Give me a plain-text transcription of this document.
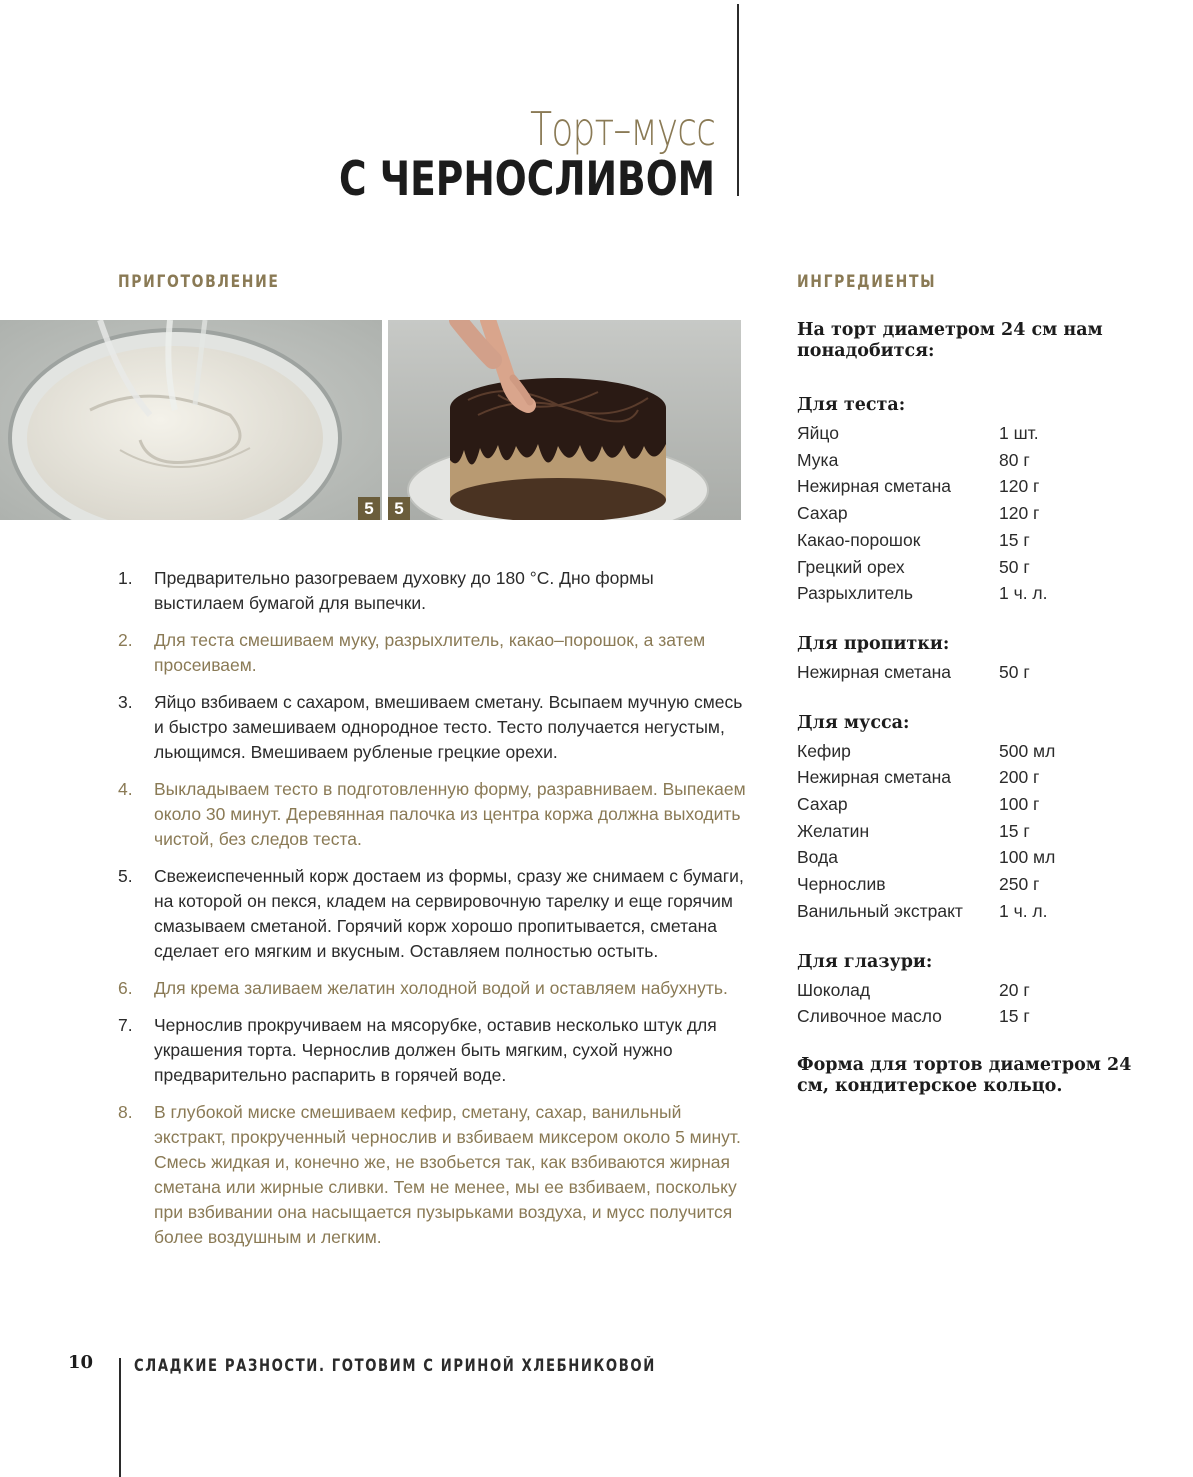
Торт–мусс
С ЧЕРНОСЛИВОМ
ПРИГОТОВЛЕНИЕ	ИНГРЕДИЕНТЫ
5	5
1.	Предварительно разогреваем духовку до 180 °С. Дно формы выстилаем бумагой для выпечки.
2.	Для теста смешиваем муку, разрыхлитель, какао–порошок, а затем просеиваем.
3.	Яйцо взбиваем с сахаром, вмешиваем сметану. Всыпаем мучную смесь и быстро замешиваем однородное тесто. Тесто получается негустым, льющимся. Вмешиваем рубленые грецкие орехи.
4.	Выкладываем тесто в подготовленную форму, разравниваем. Выпекаем около 30 минут. Деревянная палочка из центра коржа должна выходить чистой, без следов теста.
5.	Свежеиспеченный корж достаем из формы, сразу же снимаем с бумаги, на которой он пекся, кладем на сервировочную тарелку и еще горячим смазываем сметаной. Горячий корж хорошо пропитывается, сметана сделает его мягким и вкусным. Оставляем полностью остыть.
6.	Для крема заливаем желатин холодной водой и оставляем набухнуть.
7.	Чернослив прокручиваем на мясорубке, оставив несколько штук для украшения торта. Чернослив должен быть мягким, сухой нужно предварительно распарить в горячей воде.
8.	В глубокой миске смешиваем кефир, сметану, сахар, ванильный экстракт, прокрученный чернослив и взбиваем миксером около 5 минут. Смесь жидкая и, конечно же, не взобьется так, как взбиваются жирная сметана или жирные сливки. Тем не менее, мы ее взбиваем, поскольку при взбивании она насыщается пузырьками воздуха, и мусс получится более воздушным и легким.
На торт диаметром 24 см нам понадобится:
Для теста:
Яйцо	1 шт.
Мука	80 г
Нежирная сметана	120 г
Сахар	120 г
Какао-порошок	15 г
Грецкий орех	50 г
Разрыхлитель	1 ч. л.
Для пропитки:
Нежирная сметана	50 г
Для мусса:
Кефир	500 мл
Нежирная сметана	200 г
Сахар	100 г
Желатин	15 г
Вода	100 мл
Чернослив	250 г
Ванильный экстракт	1 ч. л.
Для глазури:
Шоколад	20 г
Сливочное масло	15 г
Форма для тортов диаметром 24 см, кондитерское кольцо.
10 СЛАДКИЕ РАЗНОСТИ. ГОТОВИМ С ИРИНОЙ ХЛЕБНИКОВОЙ
